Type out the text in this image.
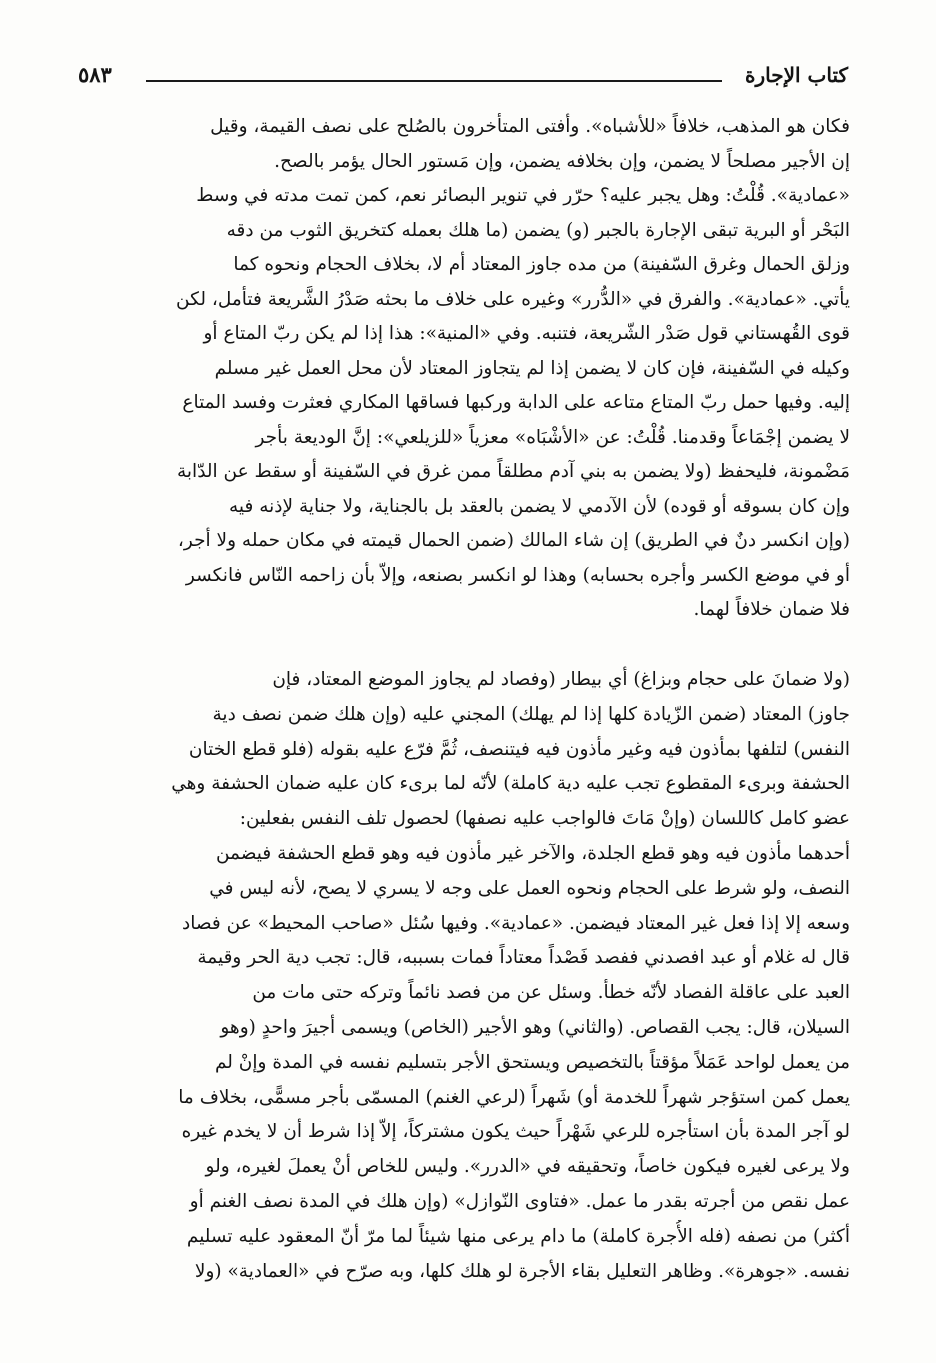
كتاب الإجارة
٥٨٣
فكان هو المذهب، خلافاً «للأشباه». وأفتى المتأخرون بالصُلح على نصف القيمة، وقيل
إن الأجير مصلحاً لا يضمن، وإن بخلافه يضمن، وإن مَستور الحال يؤمر بالصح.
«عمادية». قُلْتُ: وهل يجبر عليه؟ حرّر في تنوير البصائر نعم، كمن تمت مدته في وسط
البَحْر أو البرية تبقى الإجارة بالجبر (و) يضمن (ما هلك بعمله كتخريق الثوب من دقه
وزلق الحمال وغرق السّفينة) من مده جاوز المعتاد أم لا، بخلاف الحجام ونحوه كما
يأتي. «عمادية». والفرق في «الدُّرر» وغيره على خلاف ما بحثه صَدْرُ الشَّريعة فتأمل، لكن
قوى القُهستاني قول صَدْر الشّريعة، فتنبه. وفي «المنية»: هذا إذا لم يكن ربّ المتاع أو
وكيله في السّفينة، فإن كان لا يضمن إذا لم يتجاوز المعتاد لأن محل العمل غير مسلم
إليه. وفيها حمل ربّ المتاع متاعه على الدابة وركبها فساقها المكاري فعثرت وفسد المتاع
لا يضمن إجْمَاعاً وقدمنا. قُلْتُ: عن «الأشْبَاه» معزياً «للزيلعي»: إنَّ الوديعة بأجر
مَضْمونة، فليحفظ (ولا يضمن به بني آدم مطلقاً ممن غرق في السّفينة أو سقط عن الدّابة
وإن كان بسوقه أو قوده) لأن الآدمي لا يضمن بالعقد بل بالجناية، ولا جناية لإذنه فيه
(وإن انكسر دنٌ في الطريق) إن شاء المالك (ضمن الحمال قيمته في مكان حمله ولا أجر،
أو في موضع الكسر وأجره بحسابه) وهذا لو انكسر بصنعه، وإلاّ بأن زاحمه النّاس فانكسر
فلا ضمان خلافاً لهما.
(ولا ضمانَ على حجام وبزاغ) أي بيطار (وفصاد لم يجاوز الموضع المعتاد، فإن
جاوز) المعتاد (ضمن الزّيادة كلها إذا لم يهلك) المجني عليه (وإن هلك ضمن نصف دية
النفس) لتلفها بمأذون فيه وغير مأذون فيه فيتنصف، ثُمَّ فرّع عليه بقوله (فلو قطع الختان
الحشفة وبرىء المقطوع تجب عليه دية كاملة) لأنّه لما برىء كان عليه ضمان الحشفة وهي
عضو كامل كاللسان (وإنْ مَاتَ فالواجب عليه نصفها) لحصول تلف النفس بفعلين:
أحدهما مأذون فيه وهو قطع الجلدة، والآخر غير مأذون فيه وهو قطع الحشفة فيضمن
النصف، ولو شرط على الحجام ونحوه العمل على وجه لا يسري لا يصح، لأنه ليس في
وسعه إلا إذا فعل غير المعتاد فيضمن. «عمادية». وفيها سُئل «صاحب المحيط» عن فصاد
قال له غلام أو عبد افصدني ففصد فَصْداً معتاداً فمات بسببه، قال: تجب دية الحر وقيمة
العبد على عاقلة الفصاد لأنّه خطأ. وسئل عن من فصد نائماً وتركه حتى مات من
السيلان، قال: يجب القصاص. (والثاني) وهو الأجير (الخاص) ويسمى أجيرَ واحدٍ (وهو
من يعمل لواحد عَمَلاً مؤقتاً بالتخصيص ويستحق الأجر بتسليم نفسه في المدة وإنْ لم
يعمل كمن استؤجر شهراً للخدمة أو) شَهراً (لرعي الغنم) المسمّى بأجر مسمًّى، بخلاف ما
لو آجر المدة بأن استأجره للرعي شَهْراً حيث يكون مشتركاً، إلاّ إذا شرط أن لا يخدم غيره
ولا يرعى لغيره فيكون خاصاً، وتحقيقه في «الدرر». وليس للخاص أنْ يعملَ لغيره، ولو
عمل نقص من أجرته بقدر ما عمل. «فتاوى النّوازل» (وإن هلك في المدة نصف الغنم أو
أكثر) من نصفه (فله الأُجرة كاملة) ما دام يرعى منها شيئاً لما مرّ أنّ المعقود عليه تسليم
نفسه. «جوهرة». وظاهر التعليل بقاء الأجرة لو هلك كلها، وبه صرّح في «العمادية» (ولا
